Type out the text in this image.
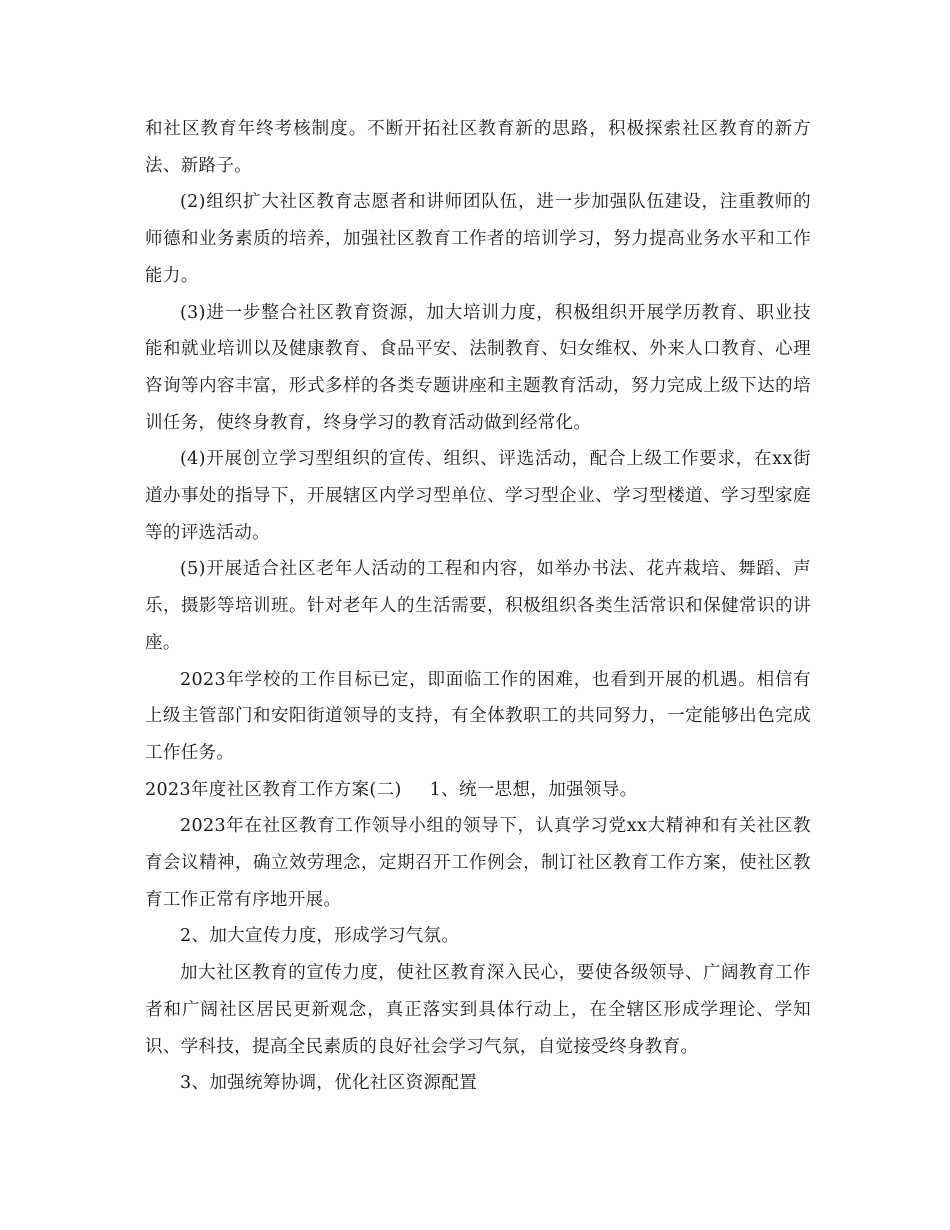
和社区教育年终考核制度。不断开拓社区教育新的思路，积极探索社区教育的新方法、新路子。

(2)组织扩大社区教育志愿者和讲师团队伍，进一步加强队伍建设，注重教师的师德和业务素质的培养，加强社区教育工作者的培训学习，努力提高业务水平和工作能力。

(3)进一步整合社区教育资源，加大培训力度，积极组织开展学历教育、职业技能和就业培训以及健康教育、食品平安、法制教育、妇女维权、外来人口教育、心理咨询等内容丰富，形式多样的各类专题讲座和主题教育活动，努力完成上级下达的培训任务，使终身教育，终身学习的教育活动做到经常化。

(4)开展创立学习型组织的宣传、组织、评选活动，配合上级工作要求，在xx街道办事处的指导下，开展辖区内学习型单位、学习型企业、学习型楼道、学习型家庭等的评选活动。

(5)开展适合社区老年人活动的工程和内容，如举办书法、花卉栽培、舞蹈、声乐，摄影等培训班。针对老年人的生活需要，积极组织各类生活常识和保健常识的讲座。

2023年学校的工作目标已定，即面临工作的困难，也看到开展的机遇。相信有上级主管部门和安阳街道领导的支持，有全体教职工的共同努力，一定能够出色完成工作任务。

2023年度社区教育工作方案(二) 1、统一思想，加强领导。

2023年在社区教育工作领导小组的领导下，认真学习党xx大精神和有关社区教育会议精神，确立效劳理念，定期召开工作例会，制订社区教育工作方案，使社区教育工作正常有序地开展。

2、加大宣传力度，形成学习气氛。

加大社区教育的宣传力度，使社区教育深入民心，要使各级领导、广阔教育工作者和广阔社区居民更新观念，真正落实到具体行动上，在全辖区形成学理论、学知识、学科技，提高全民素质的良好社会学习气氛，自觉接受终身教育。

3、加强统筹协调，优化社区资源配置
